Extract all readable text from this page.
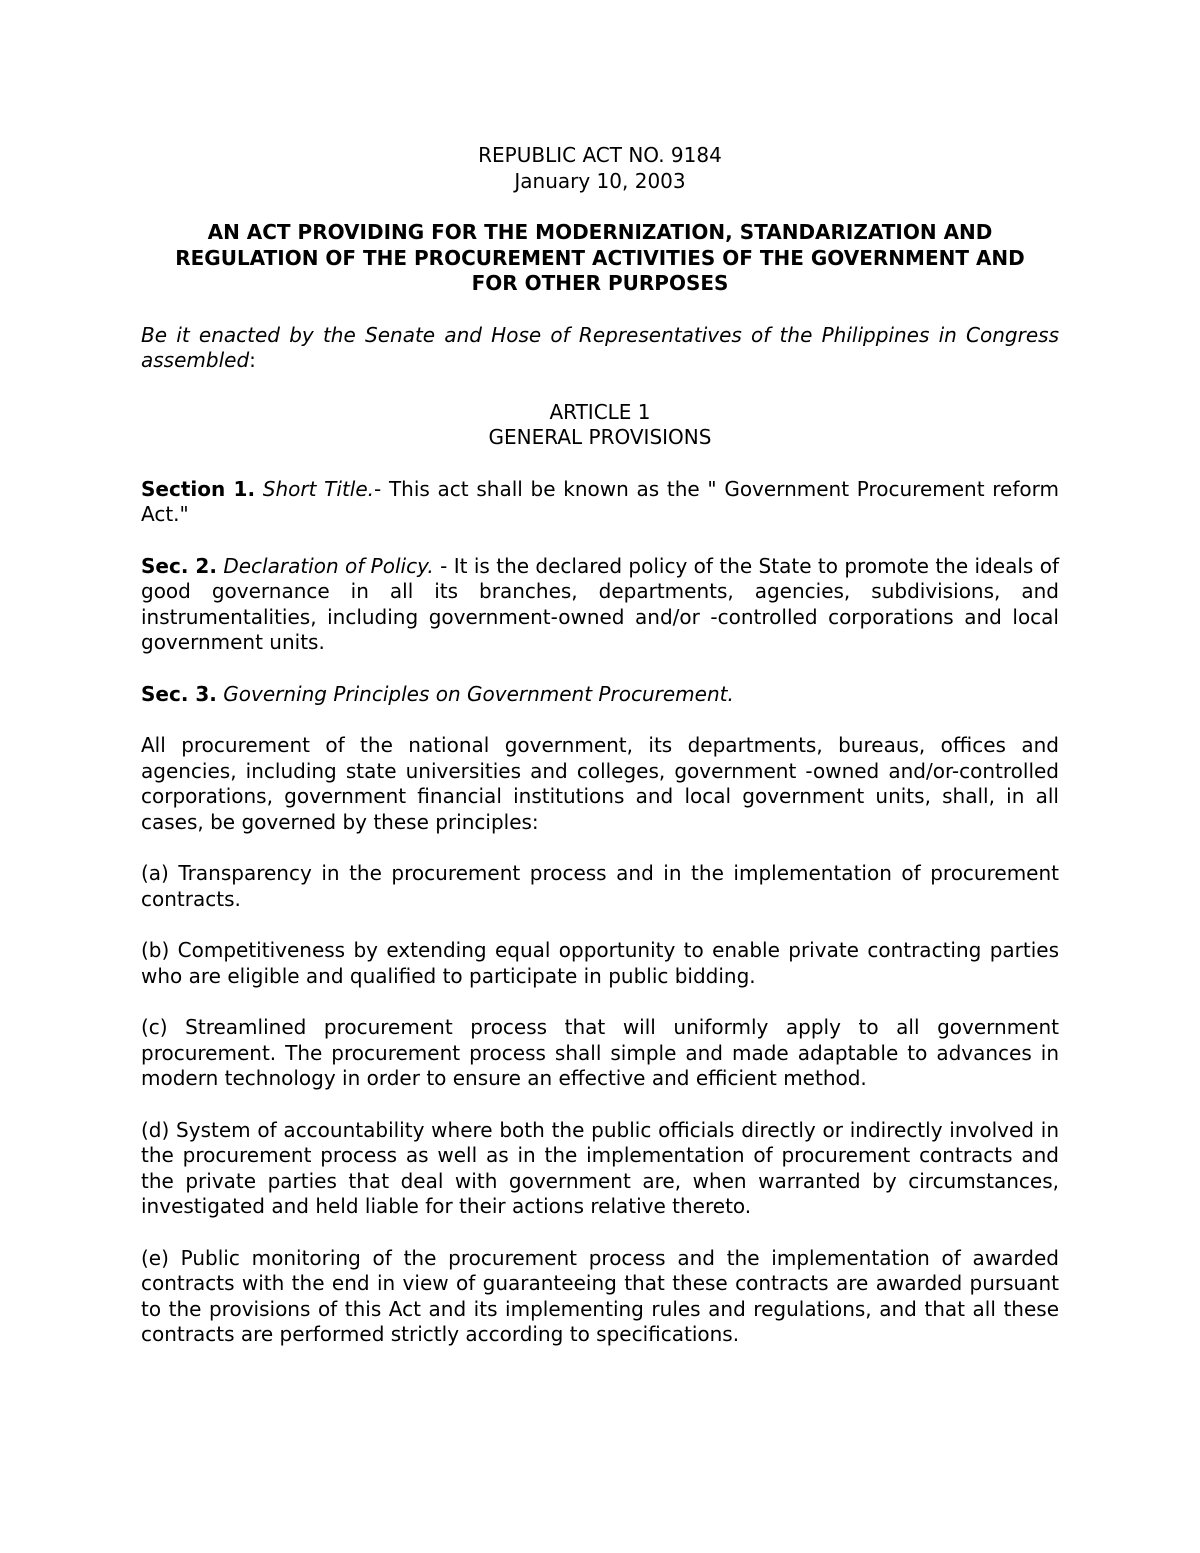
REPUBLIC ACT NO. 9184

January 10, 2003

AN ACT PROVIDING FOR THE MODERNIZATION, STANDARIZATION AND REGULATION OF THE PROCUREMENT ACTIVITIES OF THE GOVERNMENT AND FOR OTHER PURPOSES

Be it enacted by the Senate and Hose of Representatives of the Philippines in Congress assembled:

ARTICLE 1

GENERAL PROVISIONS

Section 1. Short Title.- This act shall be known as the " Government Procurement reform Act."

Sec. 2. Declaration of Policy. - It is the declared policy of the State to promote the ideals of good governance in all its branches, departments, agencies, subdivisions, and instrumentalities, including government-owned and/or -controlled corporations and local government units.

Sec. 3. Governing Principles on Government Procurement.

All procurement of the national government, its departments, bureaus, offices and agencies, including state universities and colleges, government -owned and/or-controlled corporations, government financial institutions and local government units, shall, in all cases, be governed by these principles:

(a) Transparency in the procurement process and in the implementation of procurement contracts.

(b) Competitiveness by extending equal opportunity to enable private contracting parties who are eligible and qualified to participate in public bidding.

(c) Streamlined procurement process that will uniformly apply to all government procurement. The procurement process shall simple and made adaptable to advances in modern technology in order to ensure an effective and efficient method.

(d) System of accountability where both the public officials directly or indirectly involved in the procurement process as well as in the implementation of procurement contracts and the private parties that deal with government are, when warranted by circumstances, investigated and held liable for their actions relative thereto.

(e) Public monitoring of the procurement process and the implementation of awarded contracts with the end in view of guaranteeing that these contracts are awarded pursuant to the provisions of this Act and its implementing rules and regulations, and that all these contracts are performed strictly according to specifications.
